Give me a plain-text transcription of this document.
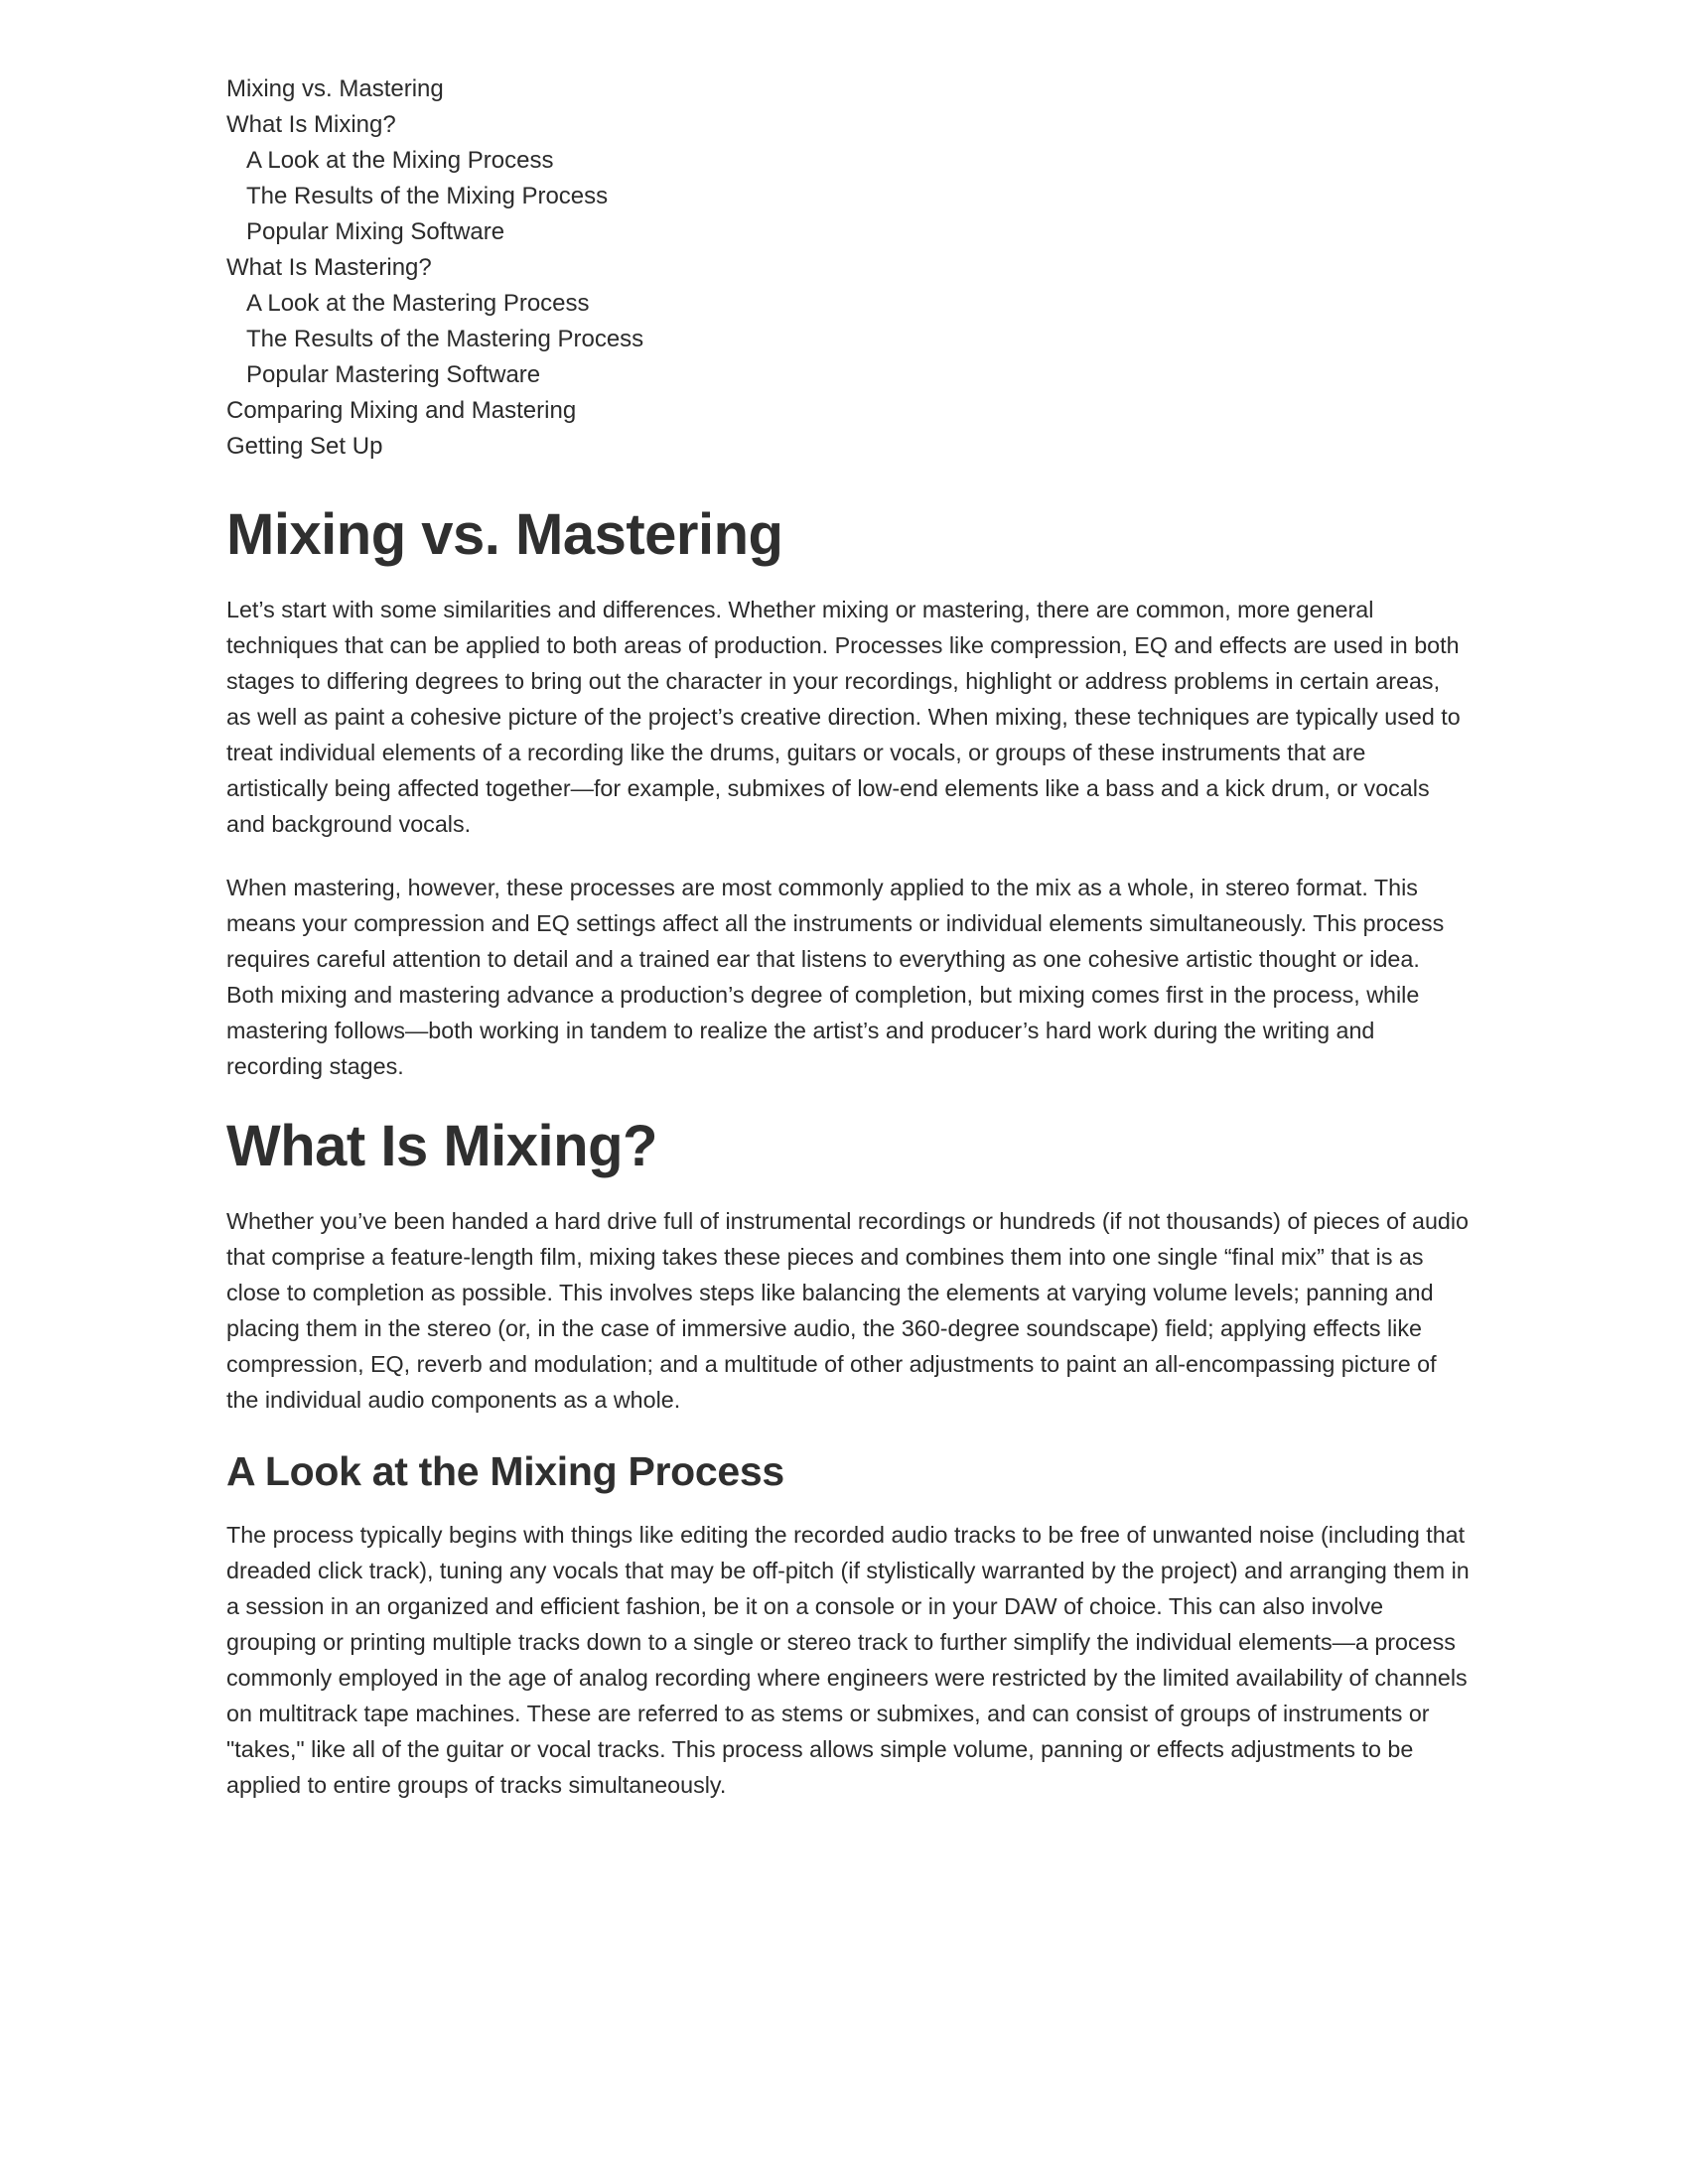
Mixing vs. Mastering
What Is Mixing?
A Look at the Mixing Process
The Results of the Mixing Process
Popular Mixing Software
What Is Mastering?
A Look at the Mastering Process
The Results of the Mastering Process
Popular Mastering Software
Comparing Mixing and Mastering
Getting Set Up
Mixing vs. Mastering

Let’s start with some similarities and differences. Whether mixing or mastering, there are common, more general techniques that can be applied to both areas of production. Processes like compression, EQ and effects are used in both stages to differing degrees to bring out the character in your recordings, highlight or address problems in certain areas, as well as paint a cohesive picture of the project’s creative direction. When mixing, these techniques are typically used to treat individual elements of a recording like the drums, guitars or vocals, or groups of these instruments that are artistically being affected together—for example, submixes of low-end elements like a bass and a kick drum, or vocals and background vocals.

When mastering, however, these processes are most commonly applied to the mix as a whole, in stereo format. This means your compression and EQ settings affect all the instruments or individual elements simultaneously. This process requires careful attention to detail and a trained ear that listens to everything as one cohesive artistic thought or idea. Both mixing and mastering advance a production’s degree of completion, but mixing comes first in the process, while mastering follows—both working in tandem to realize the artist’s and producer’s hard work during the writing and recording stages.

What Is Mixing?

Whether you’ve been handed a hard drive full of instrumental recordings or hundreds (if not thousands) of pieces of audio that comprise a feature-length film, mixing takes these pieces and combines them into one single “final mix” that is as close to completion as possible. This involves steps like balancing the elements at varying volume levels; panning and placing them in the stereo (or, in the case of immersive audio, the 360-degree soundscape) field; applying effects like compression, EQ, reverb and modulation; and a multitude of other adjustments to paint an all-encompassing picture of the individual audio components as a whole.

A Look at the Mixing Process

The process typically begins with things like editing the recorded audio tracks to be free of unwanted noise (including that dreaded click track), tuning any vocals that may be off-pitch (if stylistically warranted by the project) and arranging them in a session in an organized and efficient fashion, be it on a console or in your DAW of choice. This can also involve grouping or printing multiple tracks down to a single or stereo track to further simplify the individual elements—a process commonly employed in the age of analog recording where engineers were restricted by the limited availability of channels on multitrack tape machines. These are referred to as stems or submixes, and can consist of groups of instruments or "takes," like all of the guitar or vocal tracks. This process allows simple volume, panning or effects adjustments to be applied to entire groups of tracks simultaneously.
